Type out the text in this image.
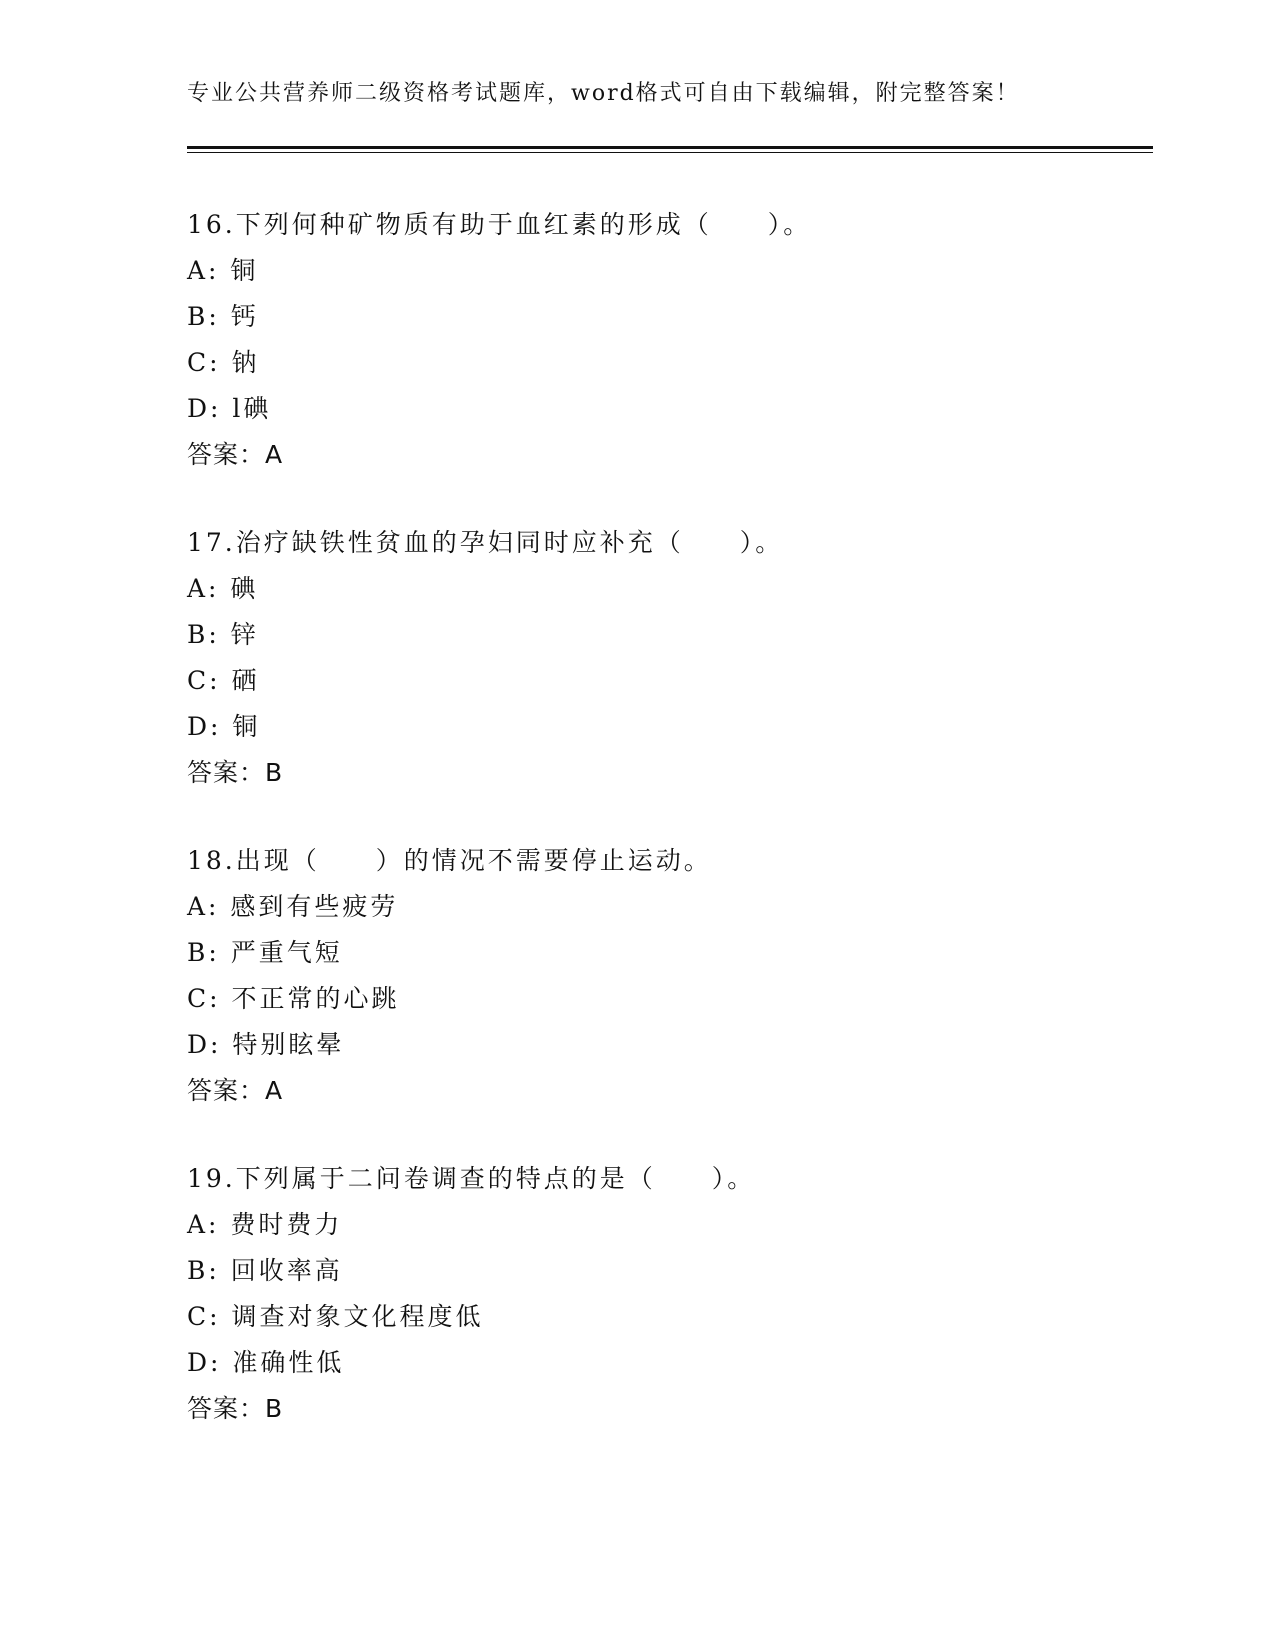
专业公共营养师二级资格考试题库，word格式可自由下载编辑，附完整答案！
16.下列何种矿物质有助于血红素的形成（　　）。
A: 铜
B: 钙
C: 钠
D: l碘
答案：A
17.治疗缺铁性贫血的孕妇同时应补充（　　）。
A: 碘
B: 锌
C: 硒
D: 铜
答案：B
18.出现（　　）的情况不需要停止运动。
A: 感到有些疲劳
B: 严重气短
C: 不正常的心跳
D: 特别眩晕
答案：A
19.下列属于二问卷调查的特点的是（　　）。
A: 费时费力
B: 回收率高
C: 调查对象文化程度低
D: 准确性低
答案：B
